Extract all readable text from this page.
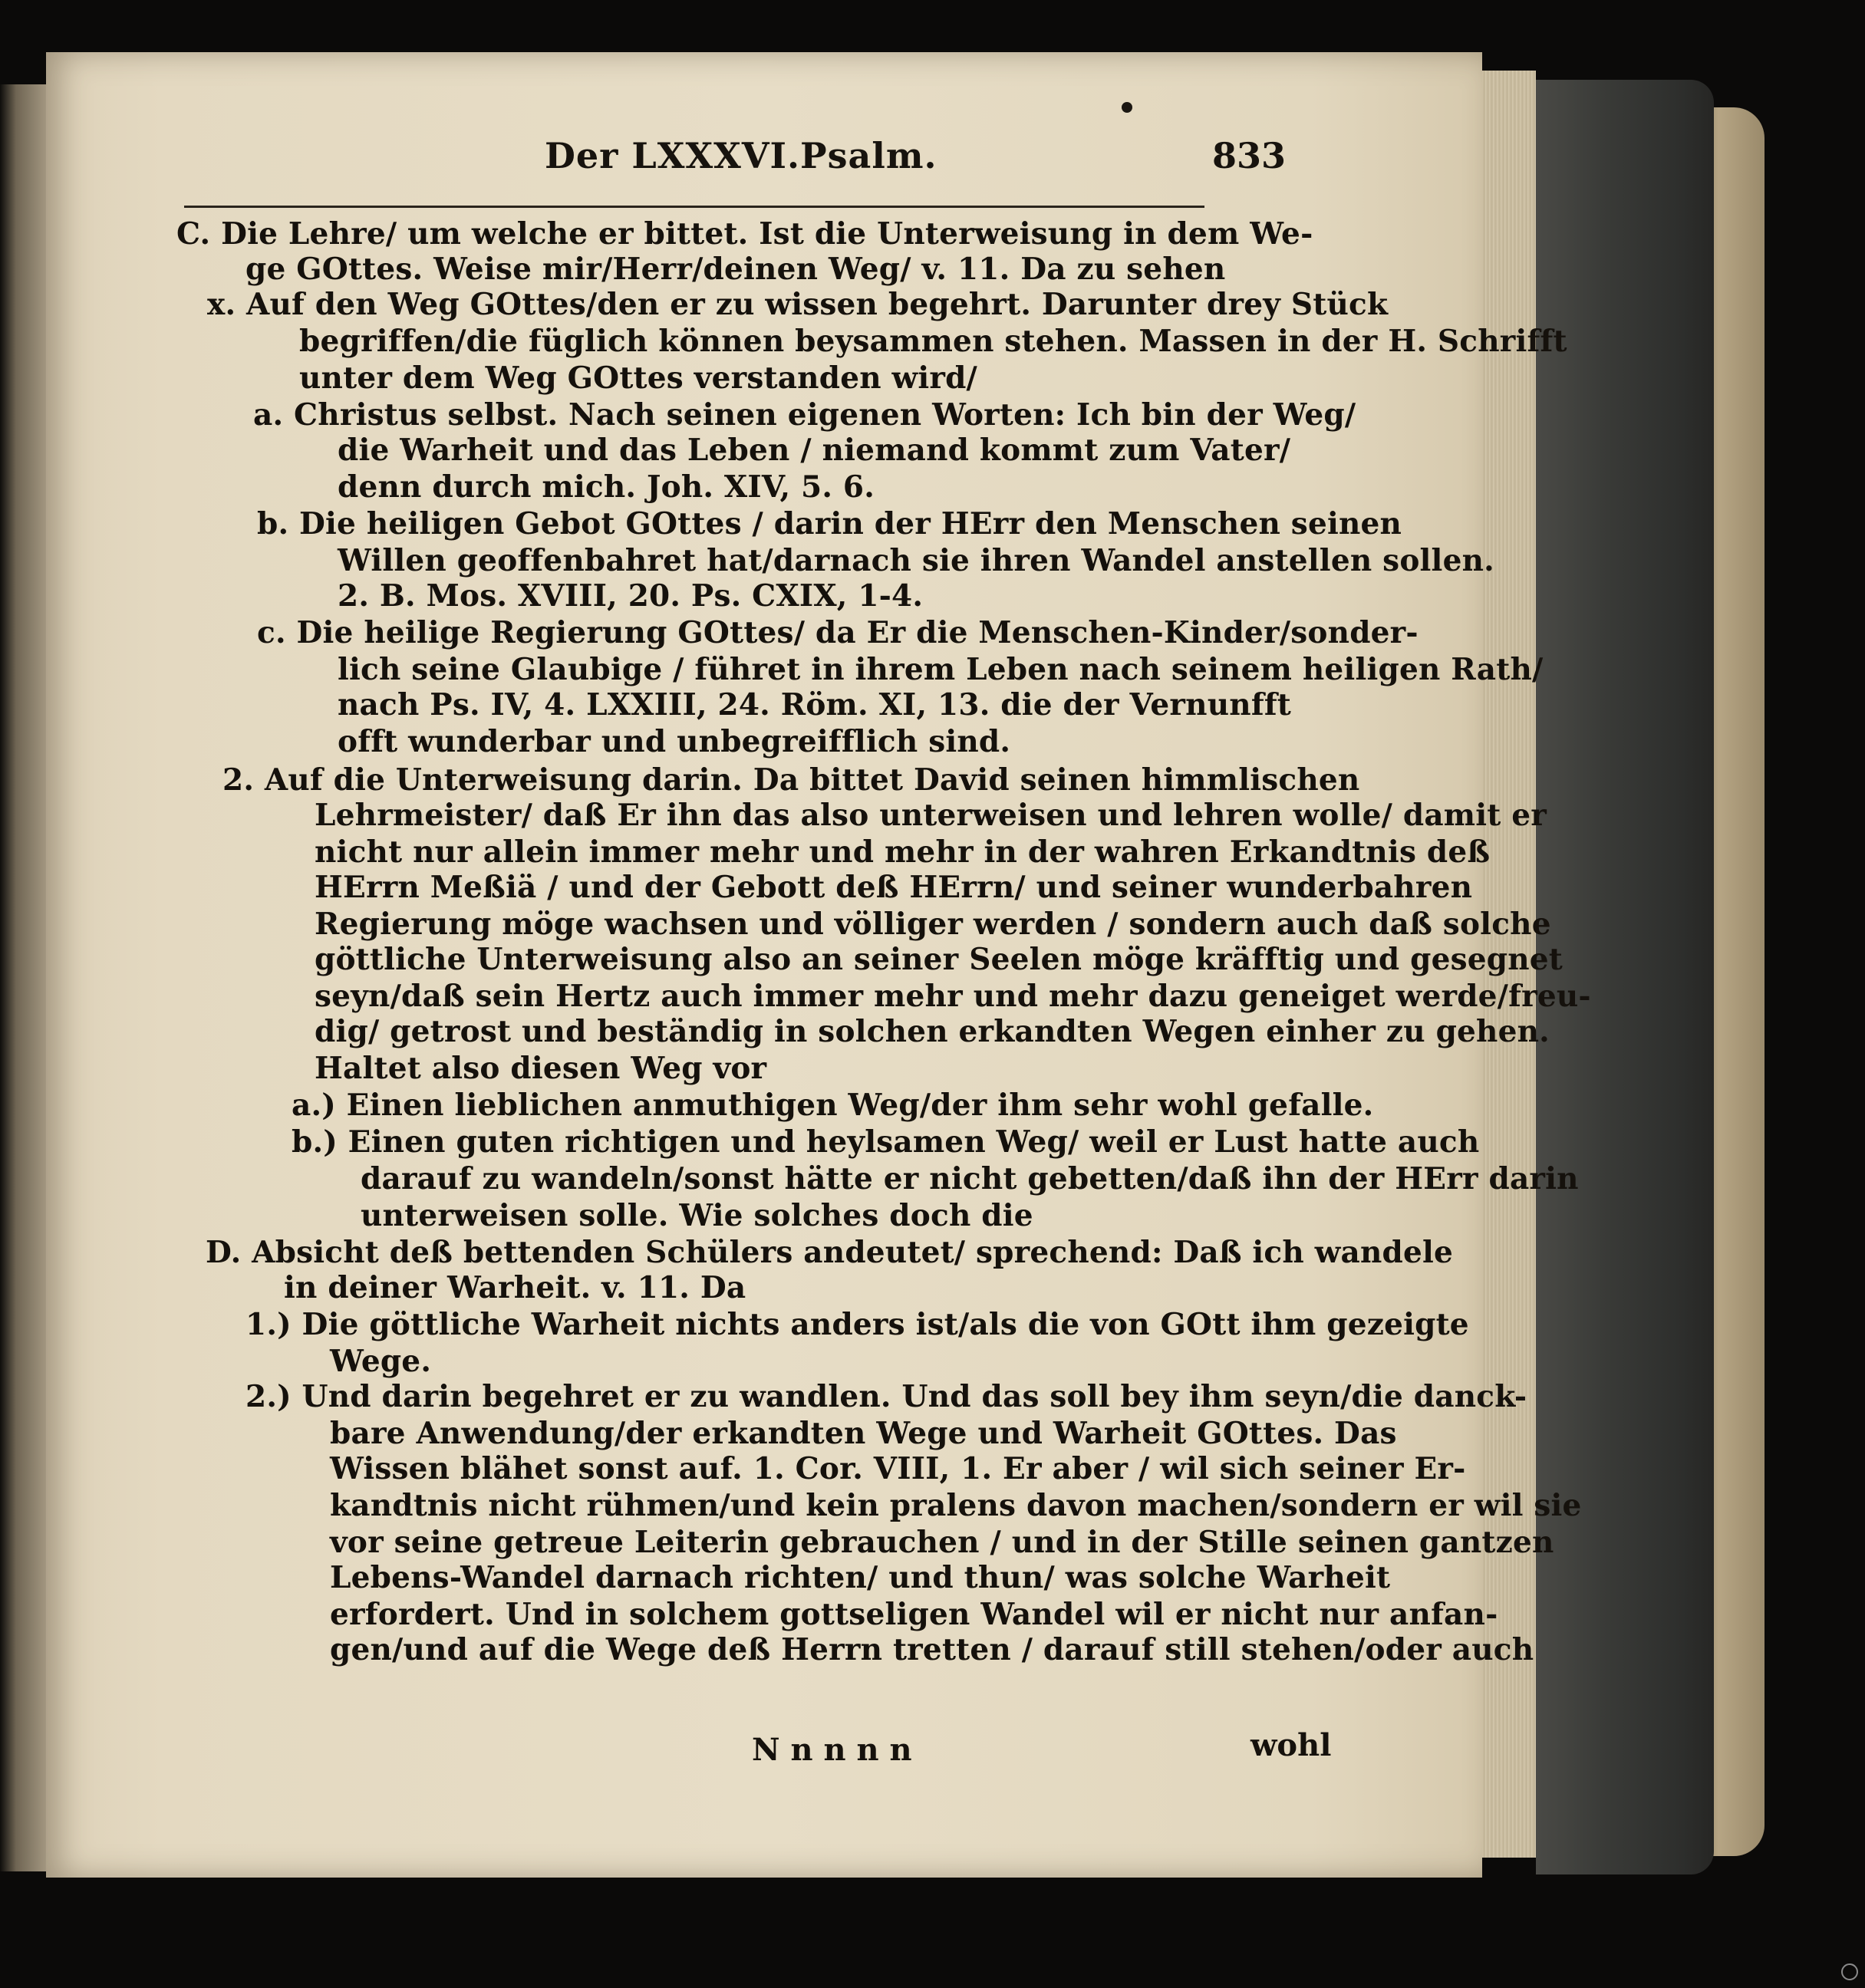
Der LXXXVI.Psalm.	833
C. Die Lehre/ um welche er bittet. Ist die Unterweisung in dem We-
ge GOttes. Weise mir/Herr/deinen Weg/ v. 11. Da zu sehen
x. Auf den Weg GOttes/den er zu wissen begehrt. Darunter drey Stück
begriffen/die füglich können beysammen stehen. Massen in der H. Schrifft
unter dem Weg GOttes verstanden wird/
a. Christus selbst. Nach seinen eigenen Worten: Ich bin der Weg/
die Warheit und das Leben / niemand kommt zum Vater/
denn durch mich. Joh. XIV, 5. 6.
b. Die heiligen Gebot GOttes / darin der HErr den Menschen seinen
Willen geoffenbahret hat/darnach sie ihren Wandel anstellen sollen.
2. B. Mos. XVIII, 20. Ps. CXIX, 1-4.
c. Die heilige Regierung GOttes/ da Er die Menschen-Kinder/sonder-
lich seine Glaubige / führet in ihrem Leben nach seinem heiligen Rath/
nach Ps. IV, 4. LXXIII, 24. Röm. XI, 13. die der Vernunfft
offt wunderbar und unbegreifflich sind.
2. Auf die Unterweisung darin. Da bittet David seinen himmlischen
Lehrmeister/ daß Er ihn das also unterweisen und lehren wolle/ damit er
nicht nur allein immer mehr und mehr in der wahren Erkandtnis deß
HErrn Meßiä / und der Gebott deß HErrn/ und seiner wunderbahren
Regierung möge wachsen und völliger werden / sondern auch daß solche
göttliche Unterweisung also an seiner Seelen möge kräfftig und gesegnet
seyn/daß sein Hertz auch immer mehr und mehr dazu geneiget werde/freu-
dig/ getrost und beständig in solchen erkandten Wegen einher zu gehen.
Haltet also diesen Weg vor
a.) Einen lieblichen anmuthigen Weg/der ihm sehr wohl gefalle.
b.) Einen guten richtigen und heylsamen Weg/ weil er Lust hatte auch
darauf zu wandeln/sonst hätte er nicht gebetten/daß ihn der HErr darin
unterweisen solle. Wie solches doch die
D. Absicht deß bettenden Schülers andeutet/ sprechend: Daß ich wandele
in deiner Warheit. v. 11. Da
1.) Die göttliche Warheit nichts anders ist/als die von GOtt ihm gezeigte
Wege.
2.) Und darin begehret er zu wandlen. Und das soll bey ihm seyn/die danck-
bare Anwendung/der erkandten Wege und Warheit GOttes. Das
Wissen blähet sonst auf. 1. Cor. VIII, 1. Er aber / wil sich seiner Er-
kandtnis nicht rühmen/und kein pralens davon machen/sondern er wil sie
vor seine getreue Leiterin gebrauchen / und in der Stille seinen gantzen
Lebens-Wandel darnach richten/ und thun/ was solche Warheit
erfordert. Und in solchem gottseligen Wandel wil er nicht nur anfan-
gen/und auf die Wege deß Herrn tretten / darauf still stehen/oder auch
N n n n n	wohl
